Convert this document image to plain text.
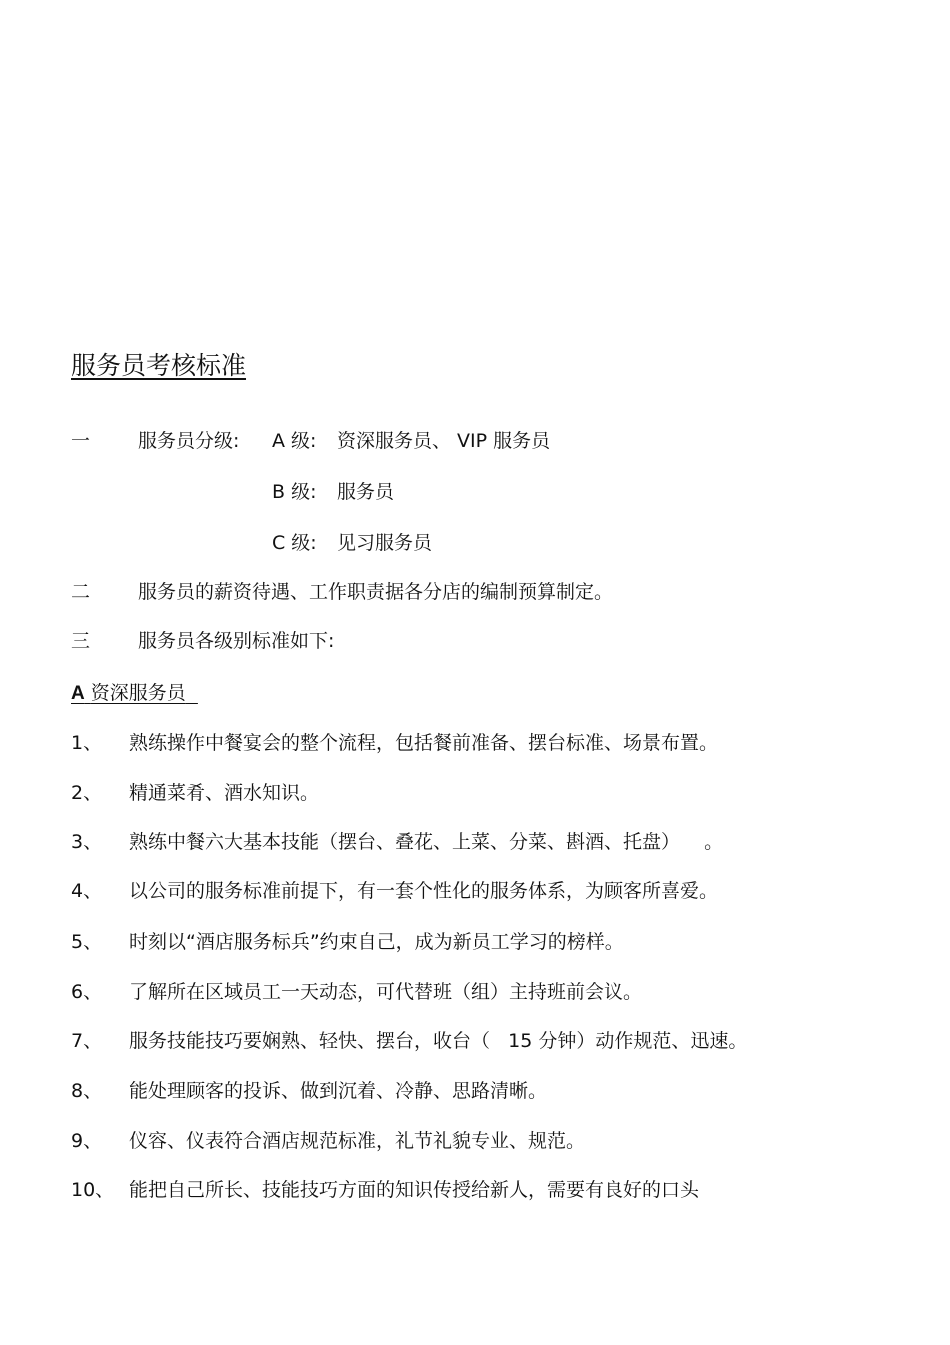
服务员考核标准
一	服务员分级: A 级: 资深服务员、 VIP 服务员
B 级: 服务员
C 级: 见习服务员
二	服务员的薪资待遇、工作职责据各分店的编制预算制定。
三	服务员各级别标准如下:
A 资深服务员
1、 熟练操作中餐宴会的整个流程，包括餐前准备、摆台标准、场景布置。
2、 精通菜肴、酒水知识。
3、 熟练中餐六大基本技能（摆台、叠花、上菜、分菜、斟酒、托盘）    。
4、 以公司的服务标准前提下，有一套个性化的服务体系，为顾客所喜爱。
5、 时刻以“酒店服务标兵”约束自己，成为新员工学习的榜样。
6、 了解所在区域员工一天动态，可代替班（组）主持班前会议。
7、 服务技能技巧要娴熟、轻快、摆台，收台（   15 分钟）动作规范、迅速。
8、 能处理顾客的投诉、做到沉着、冷静、思路清晰。
9、 仪容、仪表符合酒店规范标准，礼节礼貌专业、规范。
10、 能把自己所长、技能技巧方面的知识传授给新人，需要有良好的口头
